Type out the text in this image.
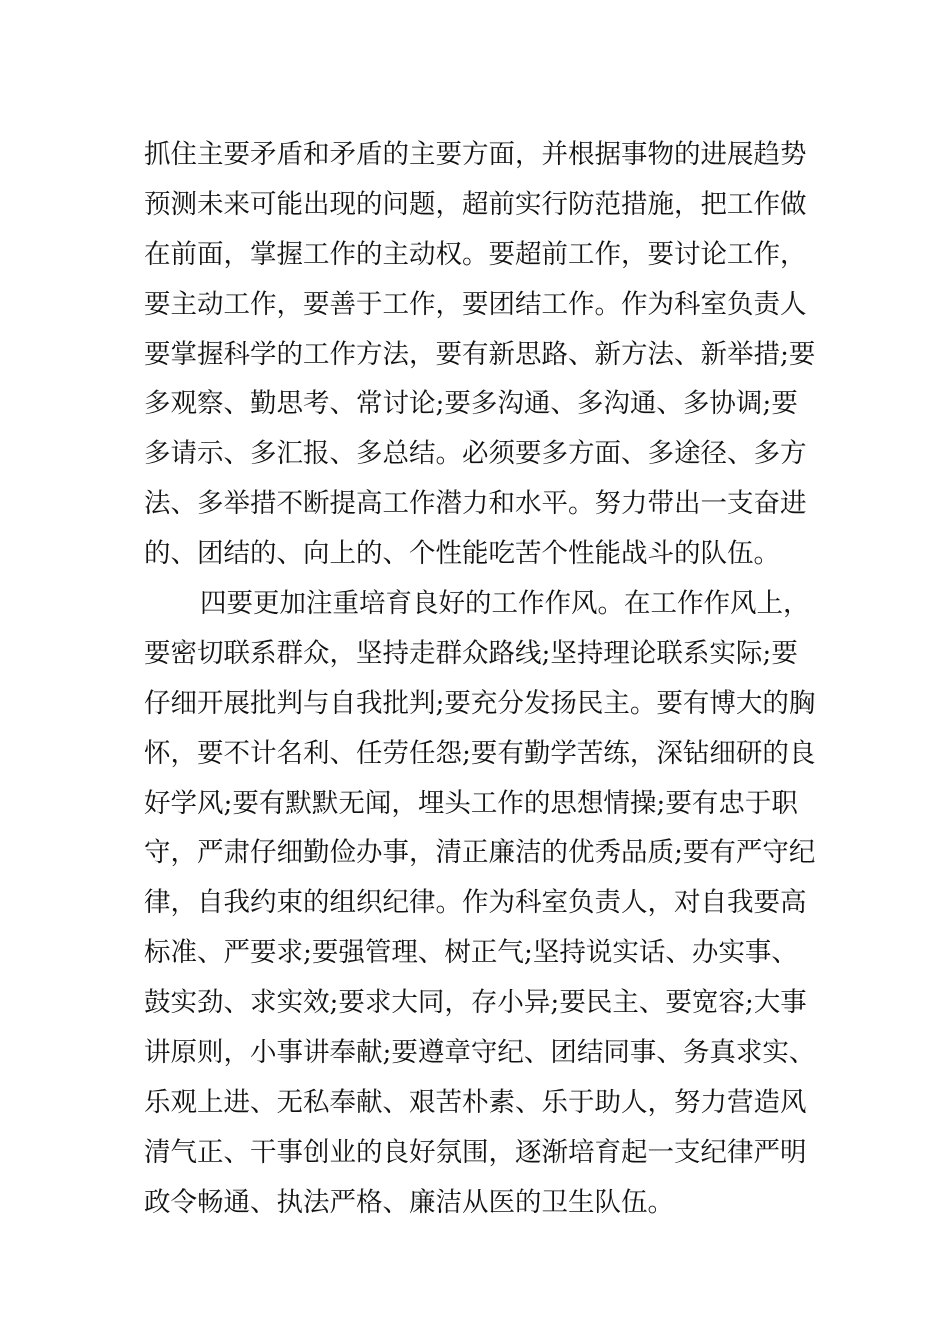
抓住主要矛盾和矛盾的主要方面，并根据事物的进展趋势
预测未来可能出现的问题，超前实行防范措施，把工作做
在前面，掌握工作的主动权。要超前工作，要讨论工作，
要主动工作，要善于工作，要团结工作。作为科室负责人
要掌握科学的工作方法，要有新思路、新方法、新举措;要
多观察、勤思考、常讨论;要多沟通、多沟通、多协调;要
多请示、多汇报、多总结。必须要多方面、多途径、多方
法、多举措不断提高工作潜力和水平。努力带出一支奋进
的、团结的、向上的、个性能吃苦个性能战斗的队伍。
四要更加注重培育良好的工作作风。在工作作风上，
要密切联系群众，坚持走群众路线;坚持理论联系实际;要
仔细开展批判与自我批判;要充分发扬民主。要有博大的胸
怀，要不计名利、任劳任怨;要有勤学苦练，深钻细研的良
好学风;要有默默无闻，埋头工作的思想情操;要有忠于职
守，严肃仔细勤俭办事，清正廉洁的优秀品质;要有严守纪
律，自我约束的组织纪律。作为科室负责人，对自我要高
标准、严要求;要强管理、树正气;坚持说实话、办实事、
鼓实劲、求实效;要求大同，存小异;要民主、要宽容;大事
讲原则，小事讲奉献;要遵章守纪、团结同事、务真求实、
乐观上进、无私奉献、艰苦朴素、乐于助人，努力营造风
清气正、干事创业的良好氛围，逐渐培育起一支纪律严明
政令畅通、执法严格、廉洁从医的卫生队伍。
